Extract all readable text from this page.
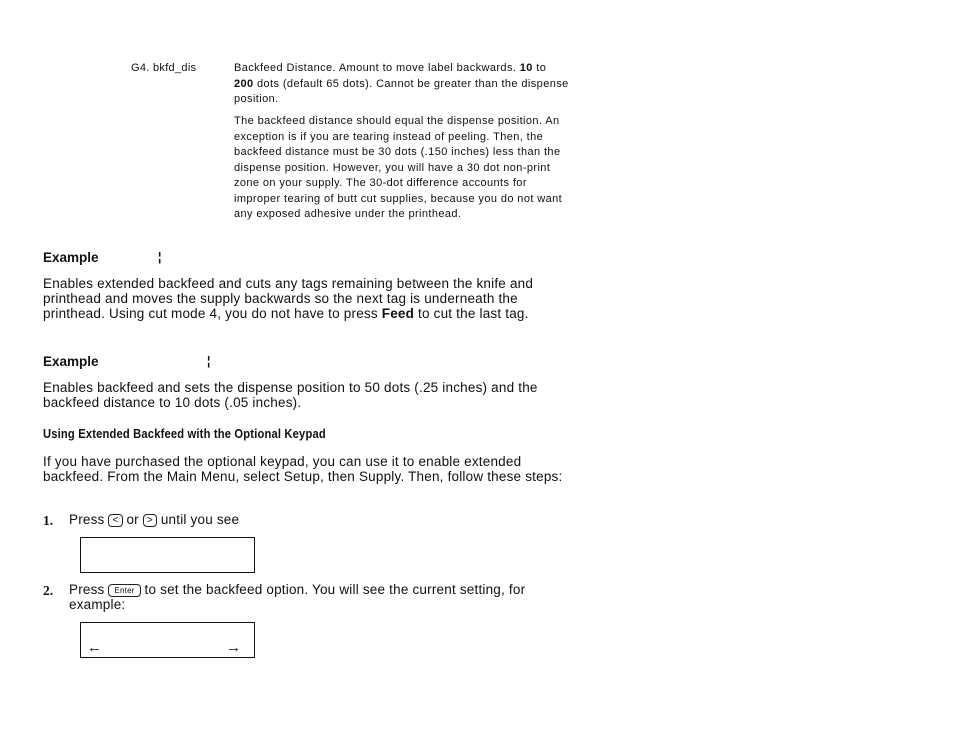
G4. bkfd_dis	Backfeed Distance. Amount to move label backwards. 10 to 200 dots (default 65 dots). Cannot be greater than the dispense position.
The backfeed distance should equal the dispense position. An exception is if you are tearing instead of peeling. Then, the backfeed distance must be 30 dots (.150 inches) less than the dispense position. However, you will have a 30 dot non-print zone on your supply. The 30-dot difference accounts for improper tearing of butt cut supplies, because you do not want any exposed adhesive under the printhead.
Example	¦
Enables extended backfeed and cuts any tags remaining between the knife and printhead and moves the supply backwards so the next tag is underneath the printhead. Using cut mode 4, you do not have to press Feed to cut the last tag.
Example	¦
Enables backfeed and sets the dispense position to 50 dots (.25 inches) and the backfeed distance to 10 dots (.05 inches).
Using Extended Backfeed with the Optional Keypad
If you have purchased the optional keypad, you can use it to enable extended backfeed. From the Main Menu, select Setup, then Supply. Then, follow these steps:
1. Press < or > until you see
2. Press Enter to set the backfeed option. You will see the current setting, for example:
←	→
